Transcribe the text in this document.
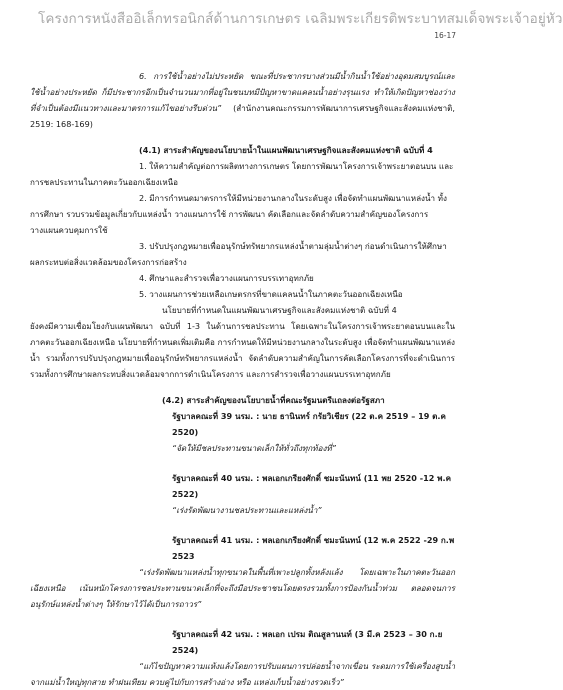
โครงการหนังสืออิเล็กทรอนิกส์ด้านการเกษตร เฉลิมพระเกียรติพระบาทสมเด็จพระเจ้าอยู่หัว
16-17

6. การใช้น้ำอย่างไม่ประหยัด ขณะที่ประชากรบางส่วนมีน้ำกินน้ำใช้อย่างอุดมสมบูรณ์และใช้น้ำอย่างประหยัด ก็มีประชากรอีกเป็นจำนวนมากที่อยู่ในชนบทมีปัญหาขาดแคลนน้ำอย่างรุนแรง ทำให้เกิดปัญหาช่องว่างที่จำเป็นต้องมีแนวทางและมาตรการแก้ไขอย่างรีบด่วน” (สำนักงานคณะกรรมการพัฒนาการเศรษฐกิจและสังคมแห่งชาติ, 2519: 168-169)

(4.1) สาระสำคัญของนโยบายน้ำในแผนพัฒนาเศรษฐกิจและสังคมแห่งชาติ ฉบับที่ 4

1. ให้ความสำคัญต่อการผลิตทางการเกษตร โดยการพัฒนาโครงการเจ้าพระยาตอนบน และการชลประทานในภาคตะวันออกเฉียงเหนือ

2. มีการกำหนดมาตรการให้มีหน่วยงานกลางในระดับสูง เพื่อจัดทำแผนพัฒนาแหล่งน้ำ ทั้งการศึกษา รวบรวมข้อมูลเกี่ยวกับแหล่งน้ำ วางแผนการใช้ การพัฒนา คัดเลือกและจัดลำดับความสำคัญของโครงการวางแผนควบคุมการใช้

3. ปรับปรุงกฎหมายเพื่ออนุรักษ์ทรัพยากรแหล่งน้ำตามลุ่มน้ำต่างๆ ก่อนดำเนินการให้ศึกษาผลกระทบต่อสิ่งแวดล้อมของโครงการก่อสร้าง

4. ศึกษาและสำรวจเพื่อวางแผนการบรรเทาอุทกภัย

5. วางแผนการช่วยเหลือเกษตรกรที่ขาดแคลนน้ำในภาคตะวันออกเฉียงเหนือ

นโยบายที่กำหนดในแผนพัฒนาเศรษฐกิจและสังคมแห่งชาติ ฉบับที่ 4

ยังคงมีความเชื่อมโยงกับแผนพัฒนา ฉบับที่ 1-3 ในด้านการชลประทาน โดยเฉพาะในโครงการเจ้าพระยาตอนบนและในภาคตะวันออกเฉียงเหนือ นโยบายที่กำหนดเพิ่มเติมคือ การกำหนดให้มีหน่วยงานกลางในระดับสูง เพื่อจัดทำแผนพัฒนาแหล่งน้ำ รวมทั้งการปรับปรุงกฎหมายเพื่ออนุรักษ์ทรัพยากรแหล่งน้ำ จัดลำดับความสำคัญในการคัดเลือกโครงการที่จะดำเนินการ รวมทั้งการศึกษาผลกระทบสิ่งแวดล้อมจากการดำเนินโครงการ และการสำรวจเพื่อวางแผนบรรเทาอุทกภัย

(4.2) สาระสำคัญของนโยบายน้ำที่คณะรัฐมนตรีแถลงต่อรัฐสภา

รัฐบาลคณะที่ 39 นรม. : นาย ธานินทร์ กรัยวิเชียร (22 ต.ค 2519 – 19 ต.ค 2520)

“จัดให้มีชลประทานขนาดเล็กให้ทั่วถึงทุกท้องที่”

รัฐบาลคณะที่ 40 นรม. : พลเอกเกรียงศักดิ์ ชมะนันทน์ (11 พย 2520 -12 พ.ค 2522)

“เร่งรัดพัฒนางานชลประทานและแหล่งน้ำ”

รัฐบาลคณะที่ 41 นรม. : พลเอกเกรียงศักดิ์ ชมะนันทน์ (12 พ.ค 2522 -29 ก.พ 2523

“เร่งรัดพัฒนาแหล่งน้ำทุกขนาดในพื้นที่เพาะปลูกทั้งหลังแล้ง โดยเฉพาะในภาคตะวันออกเฉียงเหนือ เน้นหนักโครงการชลประทานขนาดเล็กที่จะถึงมือประชาชนโดยตรงรวมทั้งการป้องกันน้ำท่วม ตลอดจนการอนุรักษ์แหล่งน้ำต่างๆ ให้รักษาไว้ได้เป็นการถาวร”

รัฐบาลคณะที่ 42 นรม. : พลเอก เปรม ติณสูลานนท์ (3 มี.ค 2523 – 30 ก.ย 2524)

“แก้ไขปัญหาความแห้งแล้งโดยการปรับแผนการปล่อยน้ำจากเขื่อน ระดมการใช้เครื่องสูบน้ำจากแม่น้ำใหญ่ทุกสาย ทำฝนเทียม ควบคู่ไปกับการสร้างอ่าง หรือ แหล่งเก็บน้ำอย่างรวดเร็ว”
